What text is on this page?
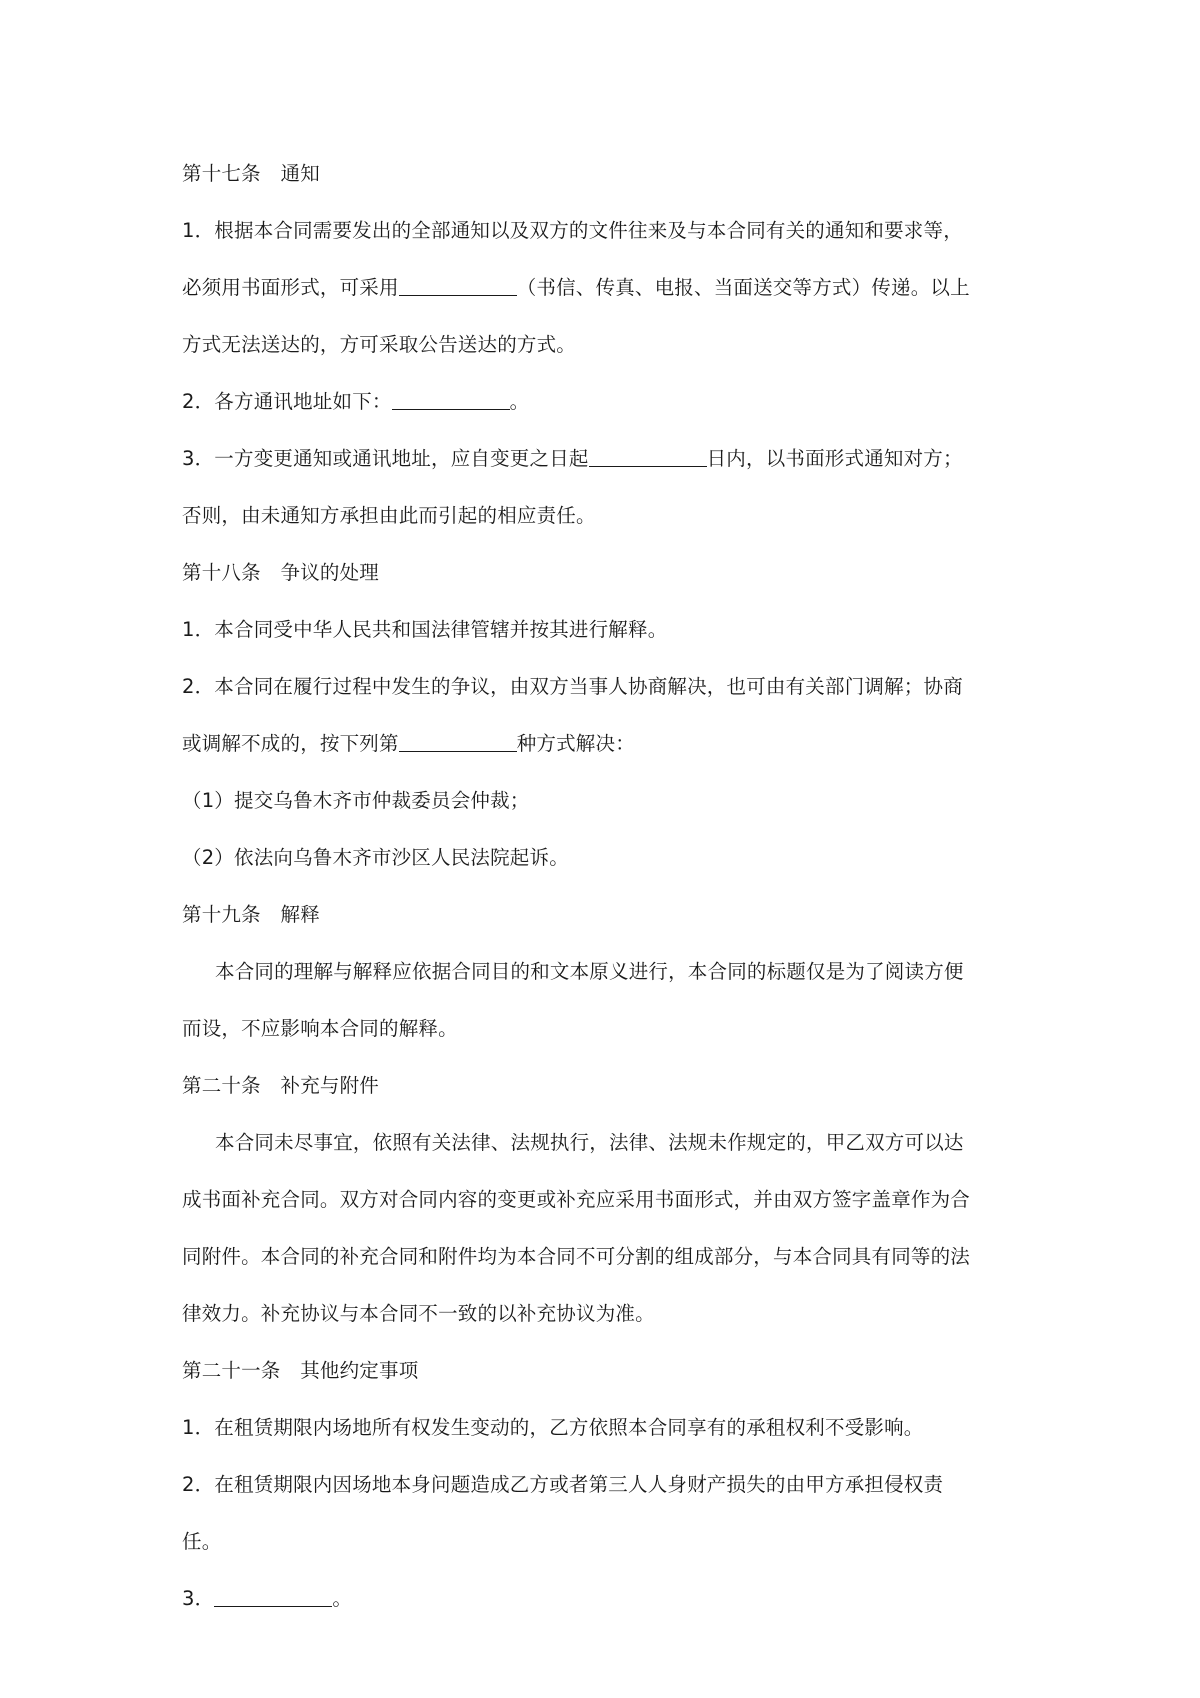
第十七条　通知
1．根据本合同需要发出的全部通知以及双方的文件往来及与本合同有关的通知和要求等，
必须用书面形式，可采用	（书信、传真、电报、当面送交等方式）传递。以上
方式无法送达的，方可采取公告送达的方式。
2．各方通讯地址如下：	。
3．一方变更通知或通讯地址，应自变更之日起	日内，以书面形式通知对方；
否则，由未通知方承担由此而引起的相应责任。
第十八条　争议的处理
1．本合同受中华人民共和国法律管辖并按其进行解释。
2．本合同在履行过程中发生的争议，由双方当事人协商解决，也可由有关部门调解；协商
或调解不成的，按下列第	种方式解决：
（1）提交乌鲁木齐市仲裁委员会仲裁；
（2）依法向乌鲁木齐市沙区人民法院起诉。
第十九条　解释
本合同的理解与解释应依据合同目的和文本原义进行，本合同的标题仅是为了阅读方便
而设，不应影响本合同的解释。
第二十条　补充与附件
本合同未尽事宜，依照有关法律、法规执行，法律、法规未作规定的，甲乙双方可以达
成书面补充合同。双方对合同内容的变更或补充应采用书面形式，并由双方签字盖章作为合
同附件。本合同的补充合同和附件均为本合同不可分割的组成部分，与本合同具有同等的法
律效力。补充协议与本合同不一致的以补充协议为准。
第二十一条　其他约定事项
1．在租赁期限内场地所有权发生变动的，乙方依照本合同享有的承租权利不受影响。
2．在租赁期限内因场地本身问题造成乙方或者第三人人身财产损失的由甲方承担侵权责
任。
3．	。
